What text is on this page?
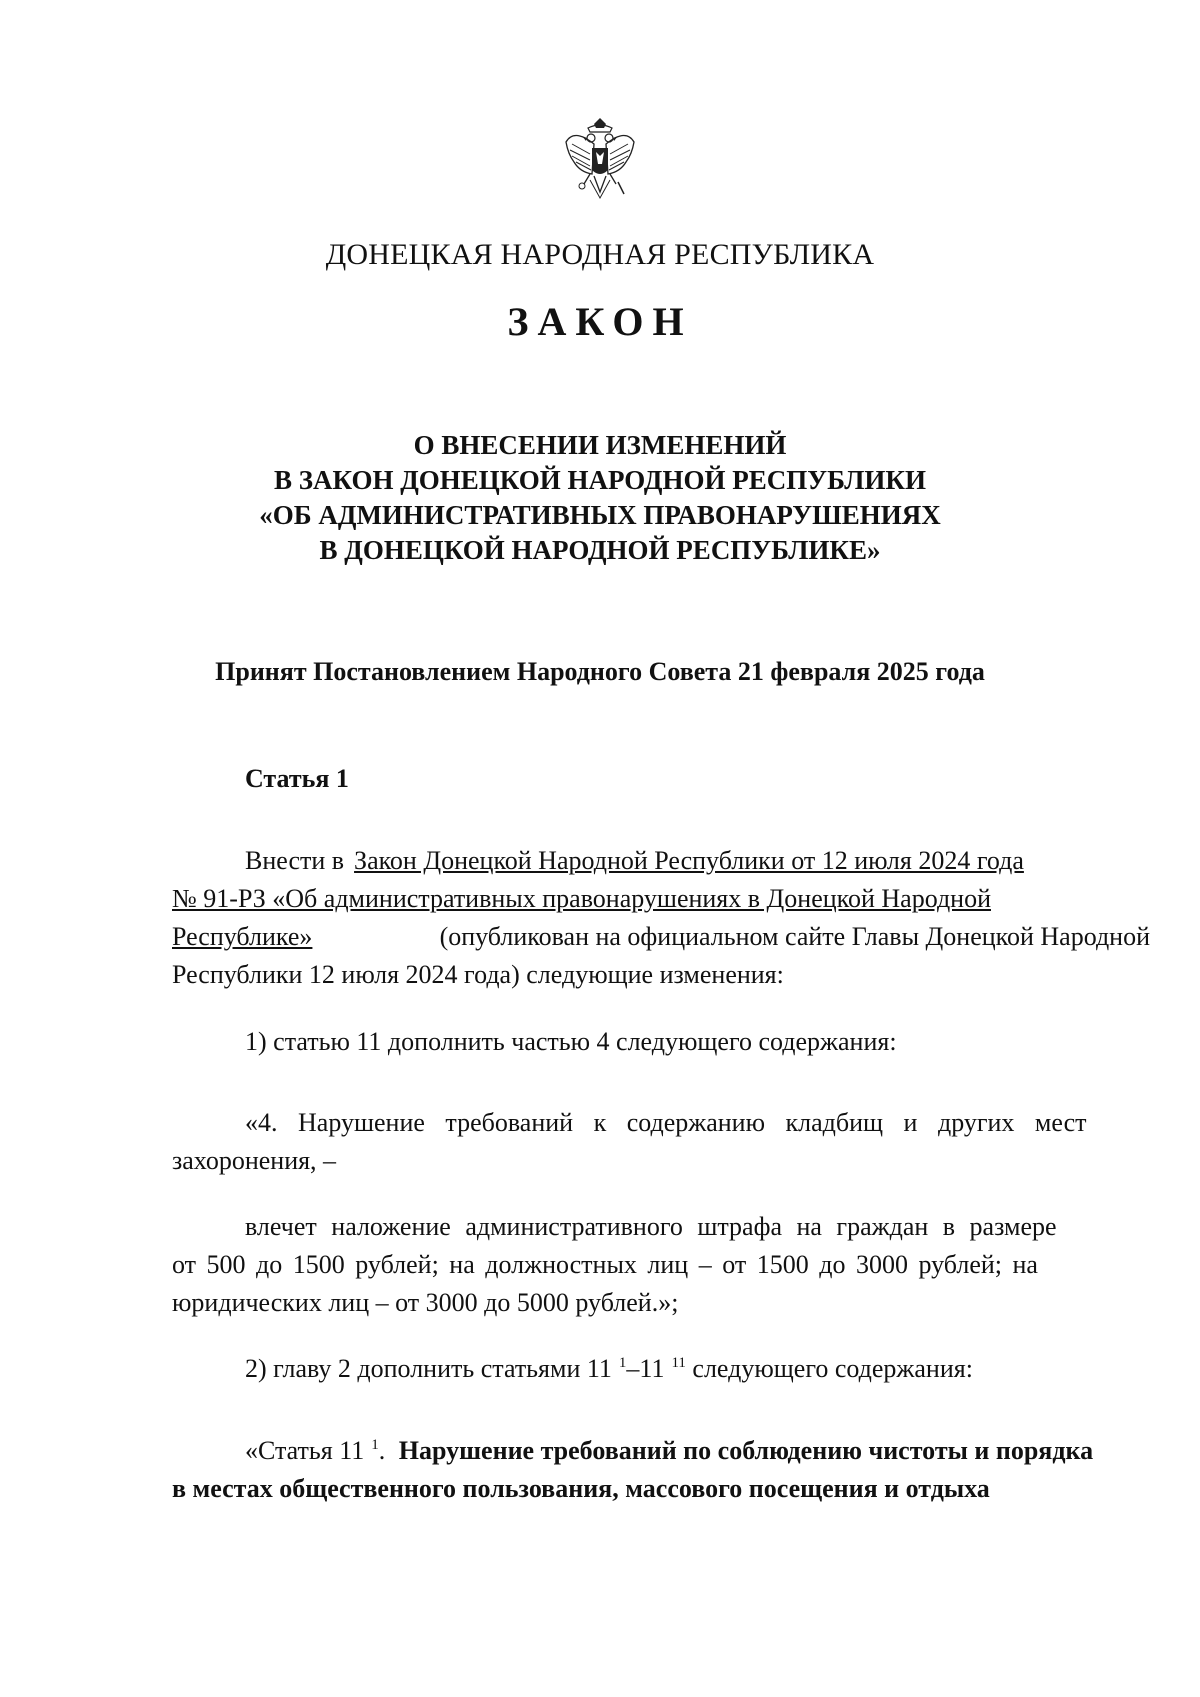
ДОНЕЦКАЯ НАРОДНАЯ РЕСПУБЛИКА
ЗАКОН
О ВНЕСЕНИИ ИЗМЕНЕНИЙ
В ЗАКОН ДОНЕЦКОЙ НАРОДНОЙ РЕСПУБЛИКИ
«ОБ АДМИНИСТРАТИВНЫХ ПРАВОНАРУШЕНИЯХ
В ДОНЕЦКОЙ НАРОДНОЙ РЕСПУБЛИКЕ»
Принят Постановлением Народного Совета 21 февраля 2025 года
Статья 1
Внести в Закон Донецкой Народной Республики от 12 июля 2024 года
№ 91-РЗ «Об административных правонарушениях в Донецкой Народной
Республике»	(опубликован на официальном сайте Главы Донецкой Народной
Республики 12 июля 2024 года) следующие изменения:
1) статью 11 дополнить частью 4 следующего содержания:
«4. Нарушение требований к содержанию кладбищ и других мест
захоронения, –
влечет наложение административного штрафа на граждан в размере
от 500 до 1500 рублей; на должностных лиц – от 1500 до 3000 рублей; на
юридических лиц – от 3000 до 5000 рублей.»;
2) главу 2 дополнить статьями 11 $^1$–11 $^{11}$ следующего содержания:
«Статья 11 $^1$. Нарушение требований по соблюдению чистоты и порядка
в местах общественного пользования, массового посещения и отдыха
